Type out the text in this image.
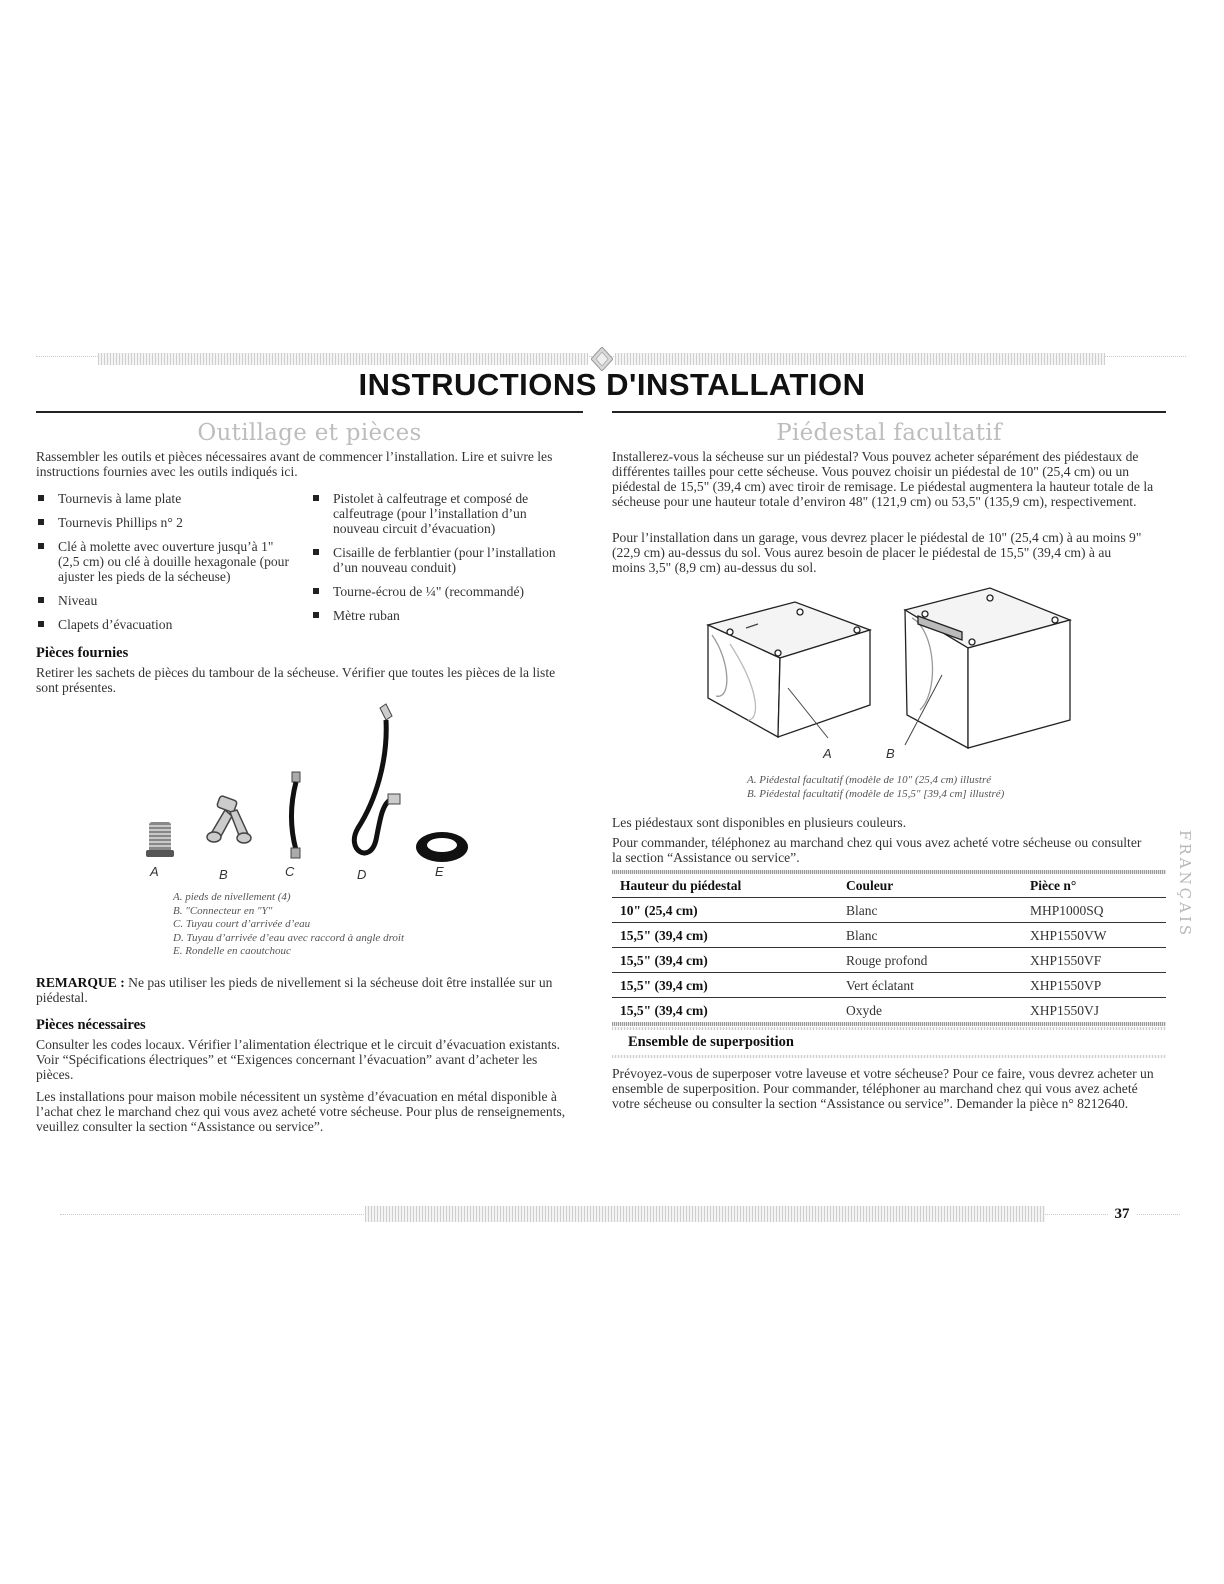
INSTRUCTIONS D'INSTALLATION
Outillage et pièces

Rassembler les outils et pièces nécessaires avant de commencer l’installation. Lire et suivre les instructions fournies avec les outils indiqués ici.

Tournevis à lame plate
Tournevis Phillips n° 2
Clé à molette avec ouverture jusqu’à 1" (2,5 cm) ou clé à douille hexagonale (pour ajuster les pieds de la sécheuse)
Niveau
Clapets d’évacuation
Pistolet à calfeutrage et composé de calfeutrage (pour l’installation d’un nouveau circuit d’évacuation)
Cisaille de ferblantier (pour l’installation d’un nouveau conduit)
Tourne-écrou de ¼" (recommandé)
Mètre ruban
Pièces fournies

Retirer les sachets de pièces du tambour de la sécheuse. Vérifier que toutes les pièces de la liste sont présentes.

A	B	C	D	E
A. pieds de nivellement (4)
B. "Connecteur en "Y"
C. Tuyau court d’arrivée d’eau
D. Tuyau d’arrivée d’eau avec raccord à angle droit
E. Rondelle en caoutchouc

REMARQUE : Ne pas utiliser les pieds de nivellement si la sécheuse doit être installée sur un piédestal.

Pièces nécessaires

Consulter les codes locaux. Vérifier l’alimentation électrique et le circuit d’évacuation existants. Voir “Spécifications électriques” et “Exigences concernant l’évacuation” avant d’acheter les pièces.

Les installations pour maison mobile nécessitent un système d’évacuation en métal disponible à l’achat chez le marchand chez qui vous avez acheté votre sécheuse. Pour plus de renseignements, veuillez consulter la section “Assistance ou service”.

Piédestal facultatif

Installerez-vous la sécheuse sur un piédestal? Vous pouvez acheter séparément des piédestaux de différentes tailles pour cette sécheuse. Vous pouvez choisir un piédestal de 10" (25,4 cm) ou un piédestal de 15,5" (39,4 cm) avec tiroir de remisage. Le piédestal augmentera la hauteur totale de la sécheuse pour une hauteur totale d’environ 48" (121,9 cm) ou 53,5" (135,9 cm), respectivement.

Pour l’installation dans un garage, vous devrez placer le piédestal de 10" (25,4 cm) à au moins 9" (22,9 cm) au-dessus du sol. Vous aurez besoin de placer le piédestal de 15,5" (39,4 cm) à au moins 3,5" (8,9 cm) au-dessus du sol.

A	B
A. Piédestal facultatif (modèle de 10" (25,4 cm) illustré
B. Piédestal facultatif (modèle de 15,5" [39,4 cm] illustré)

Les piédestaux sont disponibles en plusieurs couleurs.

Pour commander, téléphonez au marchand chez qui vous avez acheté votre sécheuse ou consulter la section “Assistance ou service”.

Hauteur du piédestal	Couleur	Pièce n°
10" (25,4 cm)	Blanc	MHP1000SQ
15,5" (39,4 cm)	Blanc	XHP1550VW
15,5" (39,4 cm)	Rouge profond	XHP1550VF
15,5" (39,4 cm)	Vert éclatant	XHP1550VP
15,5" (39,4 cm)	Oxyde	XHP1550VJ
Ensemble de superposition

Prévoyez-vous de superposer votre laveuse et votre sécheuse? Pour ce faire, vous devrez acheter un ensemble de superposition. Pour commander, téléphoner au marchand chez qui vous avez acheté votre sécheuse ou consulter la section “Assistance ou service”. Demander la pièce n° 8212640.

FRANÇAIS
37
